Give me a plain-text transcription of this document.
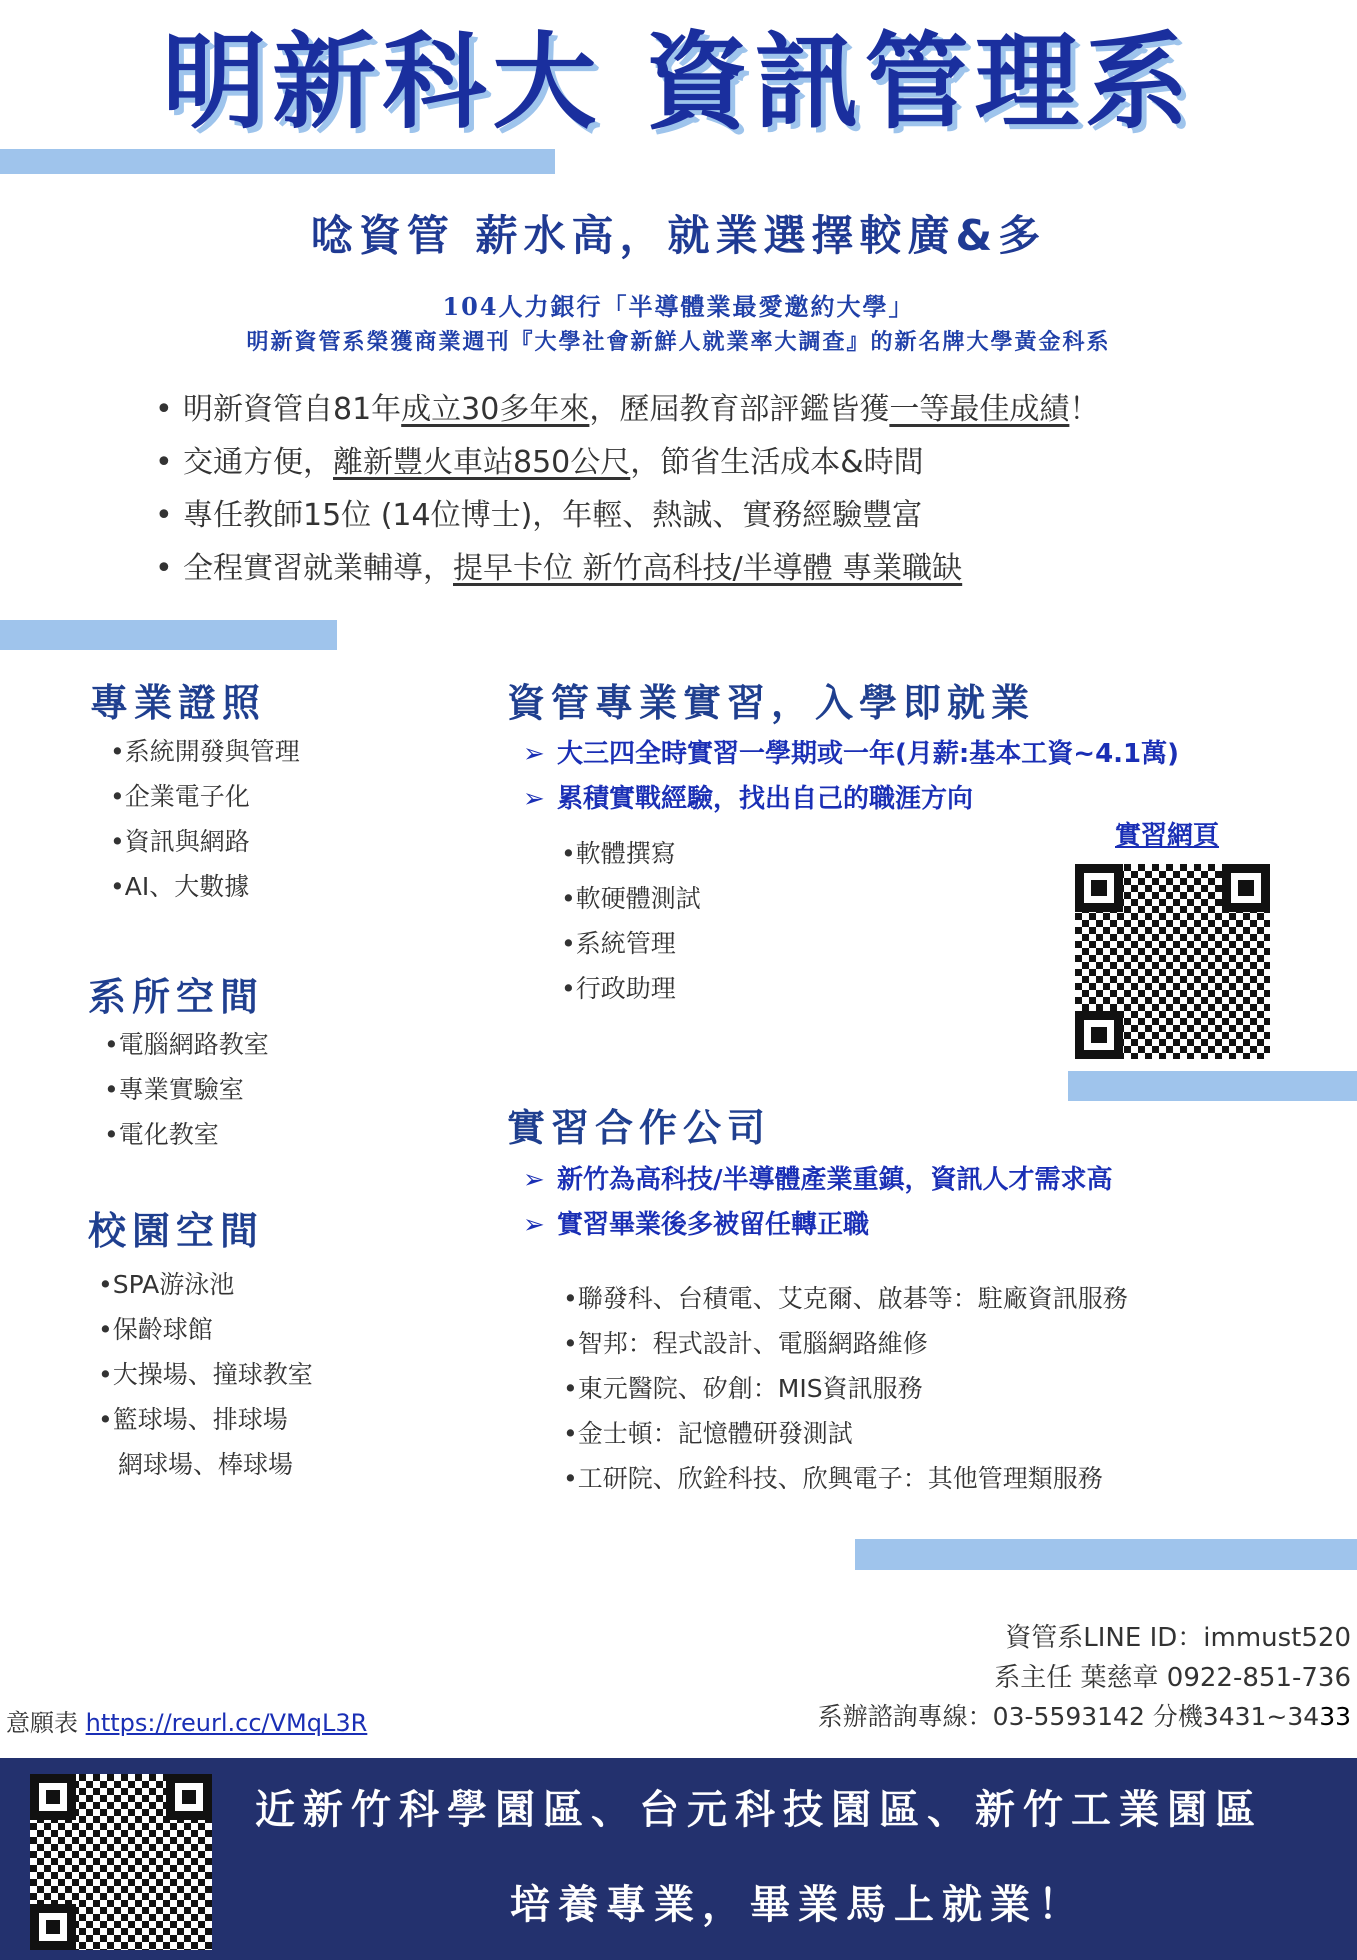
明新科大 資訊管理系
唸資管 薪水高，就業選擇較廣&多
104人力銀行「半導體業最愛邀約大學」
明新資管系榮獲商業週刊『大學社會新鮮人就業率大調查』的新名牌大學黃金科系
• 明新資管自81年成立30多年來，歷屆教育部評鑑皆獲一等最佳成績！
• 交通方便，離新豐火車站850公尺，節省生活成本&時間
• 專任教師15位 (14位博士)，年輕、熱誠、實務經驗豐富
• 全程實習就業輔導，提早卡位 新竹高科技/半導體 專業職缺
專業證照
•系統開發與管理
•企業電子化
•資訊與網路
•AI、大數據
系所空間
•電腦網路教室
•專業實驗室
•電化教室
校園空間
•SPA游泳池
•保齡球館
•大操場、撞球教室
•籃球場、排球場
網球場、棒球場
資管專業實習，入學即就業
➢ 大三四全時實習一學期或一年(月薪:基本工資~4.1萬)
➢ 累積實戰經驗，找出自己的職涯方向
•軟體撰寫
•軟硬體測試
•系統管理
•行政助理
實習網頁
實習合作公司
➢ 新竹為高科技/半導體產業重鎮，資訊人才需求高
➢ 實習畢業後多被留任轉正職
•聯發科、台積電、艾克爾、啟碁等：駐廠資訊服務
•智邦：程式設計、電腦網路維修
•東元醫院、矽創：MIS資訊服務
•金士頓：記憶體研發測試
•工研院、欣銓科技、欣興電子：其他管理類服務
資管系LINE ID：immust520
系主任 葉慈章 0922-851-736
系辦諮詢專線：03-5593142 分機3431~3433
意願表 https://reurl.cc/VMqL3R
近新竹科學園區、台元科技園區、新竹工業園區
培養專業，畢業馬上就業！
